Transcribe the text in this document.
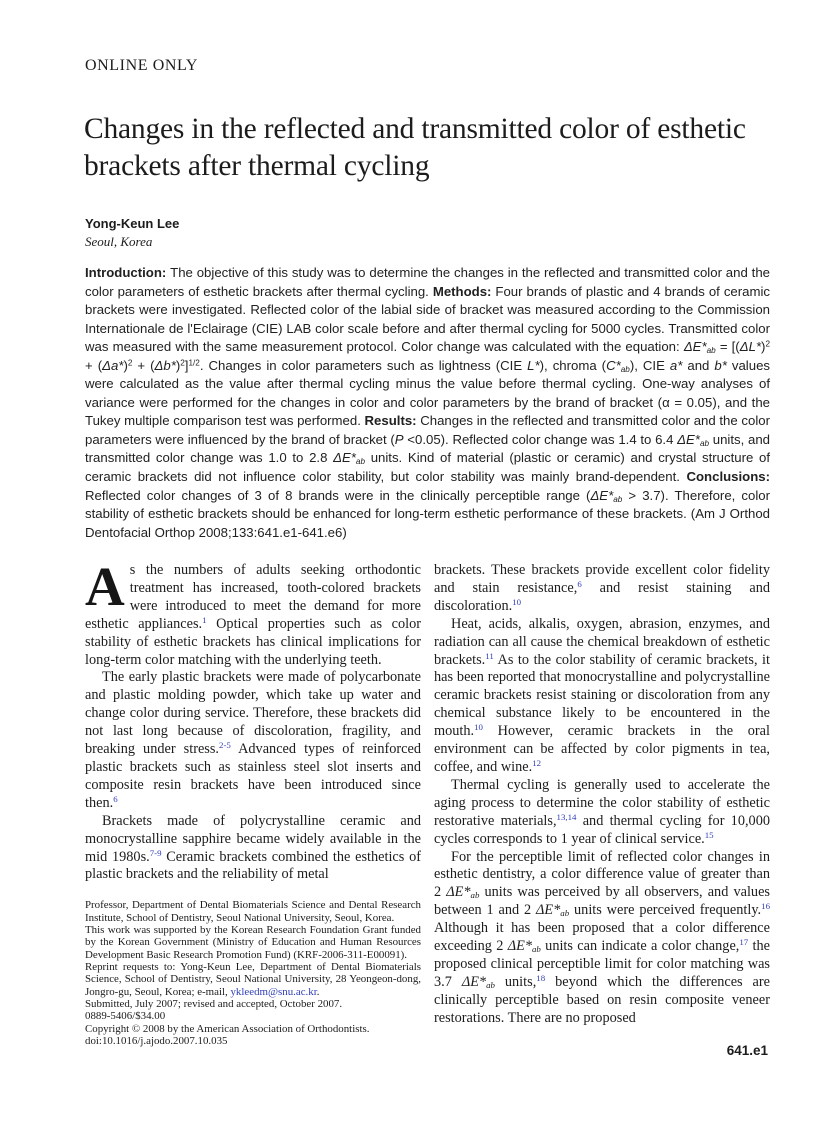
ONLINE ONLY
Changes in the reflected and transmitted color of esthetic brackets after thermal cycling
Yong-Keun Lee
Seoul, Korea
Introduction: The objective of this study was to determine the changes in the reflected and transmitted color and the color parameters of esthetic brackets after thermal cycling. Methods: Four brands of plastic and 4 brands of ceramic brackets were investigated. Reflected color of the labial side of bracket was measured according to the Commission Internationale de l'Eclairage (CIE) LAB color scale before and after thermal cycling for 5000 cycles. Transmitted color was measured with the same measurement protocol. Color change was calculated with the equation: $\Delta E*ab = [(\Delta L*)^2 + (\Delta a*)^2 + (\Delta b*)^2]^{1/2}$. Changes in color parameters such as lightness (CIE L*), chroma (C*ab), CIE a* and b* values were calculated as the value after thermal cycling minus the value before thermal cycling. One-way analyses of variance were performed for the changes in color and color parameters by the brand of bracket (α = 0.05), and the Tukey multiple comparison test was performed. Results: Changes in the reflected and transmitted color and the color parameters were influenced by the brand of bracket (P <0.05). Reflected color change was 1.4 to 6.4 ΔE*ab units, and transmitted color change was 1.0 to 2.8 ΔE*ab units. Kind of material (plastic or ceramic) and crystal structure of ceramic brackets did not influence color stability, but color stability was mainly brand-dependent. Conclusions: Reflected color changes of 3 of 8 brands were in the clinically perceptible range (ΔE*ab > 3.7). Therefore, color stability of esthetic brackets should be enhanced for long-term esthetic performance of these brackets. (Am J Orthod Dentofacial Orthop 2008;133:641.e1-641.e6)

As the numbers of adults seeking orthodontic treatment has increased, tooth-colored brackets were introduced to meet the demand for more esthetic appliances.$^1$ Optical properties such as color stability of esthetic brackets has clinical implications for long-term color matching with the underlying teeth.

The early plastic brackets were made of polycarbonate and plastic molding powder, which take up water and change color during service. Therefore, these brackets did not last long because of discoloration, fragility, and breaking under stress.$^{2-5}$ Advanced types of reinforced plastic brackets such as stainless steel slot inserts and composite resin brackets have been introduced since then.$^6$

Brackets made of polycrystalline ceramic and monocrystalline sapphire became widely available in the mid 1980s.$^{7-9}$ Ceramic brackets combined the esthetics of plastic brackets and the reliability of metal

Professor, Department of Dental Biomaterials Science and Dental Research Institute, School of Dentistry, Seoul National University, Seoul, Korea.

This work was supported by the Korean Research Foundation Grant funded by the Korean Government (Ministry of Education and Human Resources Development Basic Research Promotion Fund) (KRF-2006-311-E00091).

Reprint requests to: Yong-Keun Lee, Department of Dental Biomaterials Science, School of Dentistry, Seoul National University, 28 Yeongeon-dong, Jongro-gu, Seoul, Korea; e-mail, ykleedm@snu.ac.kr.

Submitted, July 2007; revised and accepted, October 2007.

0889-5406/$34.00

Copyright © 2008 by the American Association of Orthodontists.

doi:10.1016/j.ajodo.2007.10.035

brackets. These brackets provide excellent color fidelity and stain resistance,$^6$ and resist staining and discoloration.$^{10}$

Heat, acids, alkalis, oxygen, abrasion, enzymes, and radiation can all cause the chemical breakdown of esthetic brackets.$^{11}$ As to the color stability of ceramic brackets, it has been reported that monocrystalline and polycrystalline ceramic brackets resist staining or discoloration from any chemical substance likely to be encountered in the mouth.$^{10}$ However, ceramic brackets in the oral environment can be affected by color pigments in tea, coffee, and wine.$^{12}$

Thermal cycling is generally used to accelerate the aging process to determine the color stability of esthetic restorative materials,$^{13,14}$ and thermal cycling for 10,000 cycles corresponds to 1 year of clinical service.$^{15}$

For the perceptible limit of reflected color changes in esthetic dentistry, a color difference value of greater than 2 ΔE*ab units was perceived by all observers, and values between 1 and 2 ΔE*ab units were perceived frequently.$^{16}$ Although it has been proposed that a color difference exceeding 2 ΔE*ab units can indicate a color change,$^{17}$ the proposed clinical perceptible limit for color matching was 3.7 ΔE*ab units,$^{18}$ beyond which the differences are clinically perceptible based on resin composite veneer restorations. There are no proposed

641.e1
